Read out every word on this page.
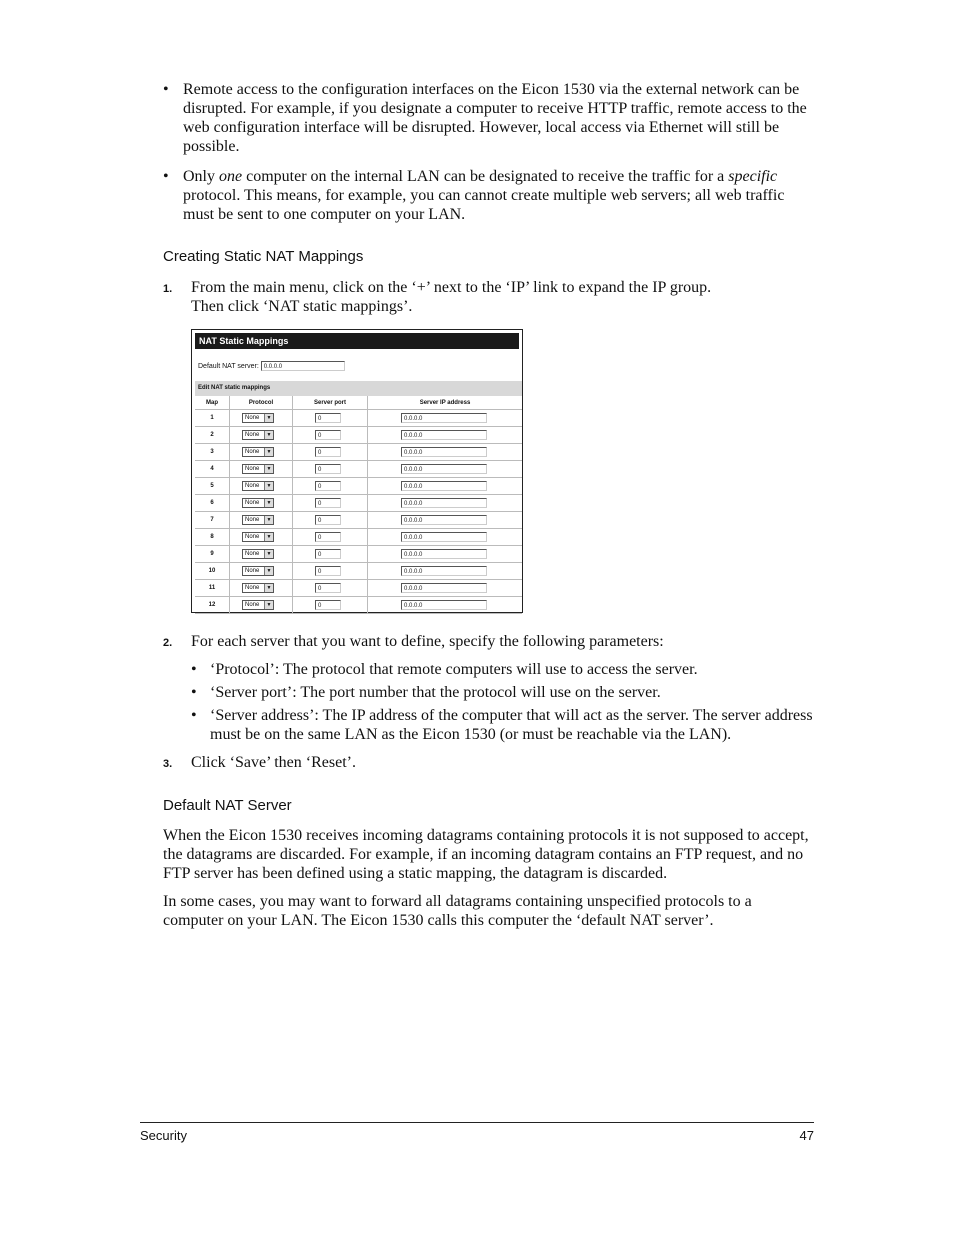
• Remote access to the configuration interfaces on the Eicon 1530 via the external network can be disrupted. For example, if you designate a computer to receive HTTP traffic, remote access to the web configuration interface will be disrupted. However, local access via Ethernet will still be possible.
• Only one computer on the internal LAN can be designated to receive the traffic for a specific protocol. This means, for example, you can cannot create multiple web servers; all web traffic must be sent to one computer on your LAN.
Creating Static NAT Mappings
1. From the main menu, click on the ‘+’ next to the ‘IP’ link to expand the IP group.
Then click ‘NAT static mappings’.
NAT Static Mappings
Default NAT server: 0.0.0.0
Edit NAT static mappings
Map	Protocol	Server port	Server IP address
1	None ▼	0	0.0.0.0
2	None ▼	0	0.0.0.0
3	None ▼	0	0.0.0.0
4	None ▼	0	0.0.0.0
5	None ▼	0	0.0.0.0
6	None ▼	0	0.0.0.0
7	None ▼	0	0.0.0.0
8	None ▼	0	0.0.0.0
9	None ▼	0	0.0.0.0
10	None ▼	0	0.0.0.0
11	None ▼	0	0.0.0.0
12	None ▼	0	0.0.0.0
2. For each server that you want to define, specify the following parameters:
• ‘Protocol’: The protocol that remote computers will use to access the server.
• ‘Server port’: The port number that the protocol will use on the server.
• ‘Server address’: The IP address of the computer that will act as the server. The server address must be on the same LAN as the Eicon 1530 (or must be reachable via the LAN).
3. Click ‘Save’ then ‘Reset’.
Default NAT Server
When the Eicon 1530 receives incoming datagrams containing protocols it is not supposed to accept, the datagrams are discarded. For example, if an incoming datagram contains an FTP request, and no FTP server has been defined using a static mapping, the datagram is discarded.
In some cases, you may want to forward all datagrams containing unspecified protocols to a computer on your LAN. The Eicon 1530 calls this computer the ‘default NAT server’.
Security	47
